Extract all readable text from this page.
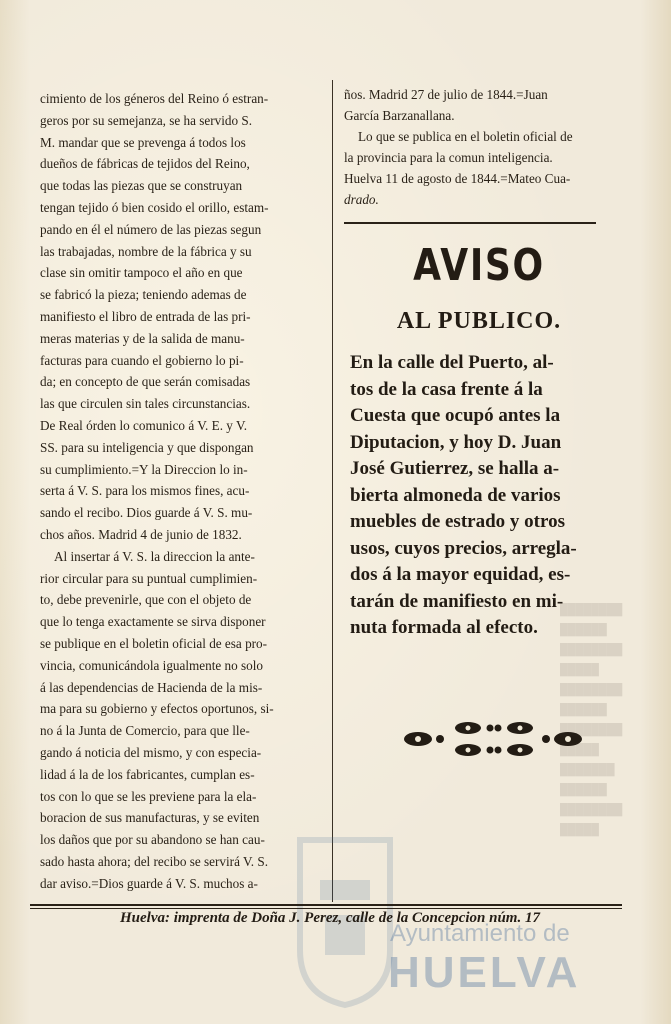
cimiento de los géneros del Reino ó estran-
geros por su semejanza, se ha servido S.
M. mandar que se prevenga á todos los
dueños de fábricas de tejidos del Reino,
que todas las piezas que se construyan
tengan tejido ó bien cosido el orillo, estam-
pando en él el número de las piezas segun
las trabajadas, nombre de la fábrica y su
clase sin omitir tampoco el año en que
se fabricó la pieza; teniendo ademas de
manifiesto el libro de entrada de las pri-
meras materias y de la salida de manu-
facturas para cuando el gobierno lo pi-
da; en concepto de que serán comisadas
las que circulen sin tales circunstancias.
De Real órden lo comunico á V. E. y V.
SS. para su inteligencia y que dispongan
su cumplimiento.=Y la Direccion lo in-
serta á V. S. para los mismos fines, acu-
sando el recibo. Dios guarde á V. S. mu-
chos años. Madrid 4 de junio de 1832.

Al insertar á V. S. la direccion la ante-
rior circular para su puntual cumplimien-
to, debe prevenirle, que con el objeto de
que lo tenga exactamente se sirva disponer
se publique en el boletin oficial de esa pro-
vincia, comunicándola igualmente no solo
á las dependencias de Hacienda de la mis-
ma para su gobierno y efectos oportunos, si-
no á la Junta de Comercio, para que lle-
gando á noticia del mismo, y con especia-
lidad á la de los fabricantes, cumplan es-
tos con lo que se les previene para la ela-
boracion de sus manufacturas, y se eviten
los daños que por su abandono se han cau-
sado hasta ahora; del recibo se servirá V. S.
dar aviso.=Dios guarde á V. S. muchos a-

ños. Madrid 27 de julio de 1844.=Juan
García Barzanallana.
Lo que se publica en el boletin oficial de
la provincia para la comun inteligencia.
Huelva 11 de agosto de 1844.=Mateo Cua-
drado.
AVISO
AL PUBLICO.
En la calle del Puerto, al-
tos de la casa frente á la
Cuesta que ocupó antes la
Diputacion, y hoy D. Juan
José Gutierrez, se halla a-
bierta almoneda de varios
muebles de estrado y otros
usos, cuyos precios, arregla-
dos á la mayor equidad, es-
tarán de manifiesto en mi-
nuta formada al efecto.
████████
██████
████████
█████
████████
██████
████████
█████
███████
██████
████████
█████
Ayuntamiento de
HUELVA
Huelva: imprenta de Doña J. Perez, calle de la Concepcion núm. 17
